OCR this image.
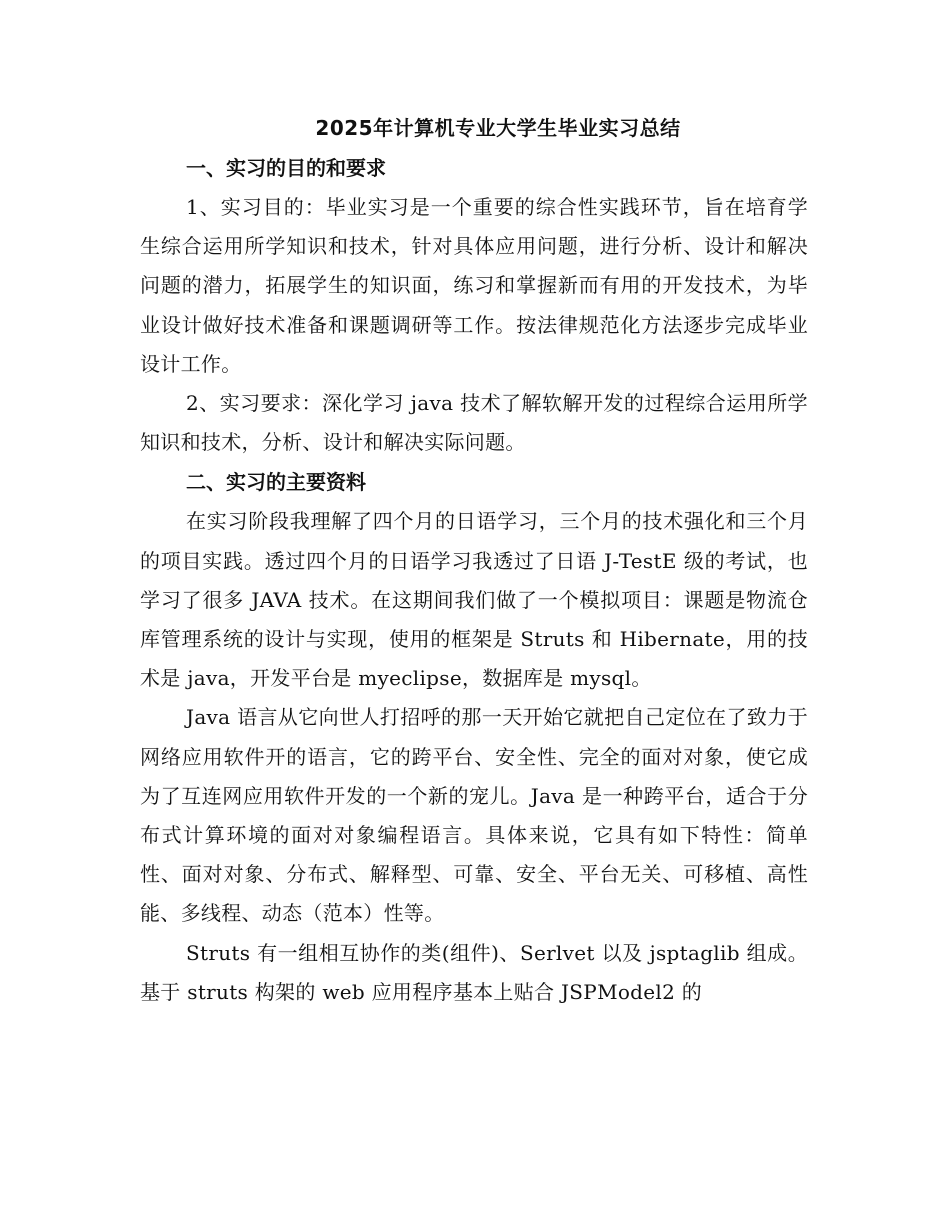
2025年计算机专业大学生毕业实习总结
一、实习的目的和要求

1、实习目的：毕业实习是一个重要的综合性实践环节，旨在培育学生综合运用所学知识和技术，针对具体应用问题，进行分析、设计和解决问题的潜力，拓展学生的知识面，练习和掌握新而有用的开发技术，为毕业设计做好技术准备和课题调研等工作。按法律规范化方法逐步完成毕业设计工作。

2、实习要求：深化学习 java 技术了解软解开发的过程综合运用所学知识和技术，分析、设计和解决实际问题。

二、实习的主要资料

在实习阶段我理解了四个月的日语学习，三个月的技术强化和三个月的项目实践。透过四个月的日语学习我透过了日语 J-TestE 级的考试，也学习了很多 JAVA 技术。在这期间我们做了一个模拟项目：课题是物流仓库管理系统的设计与实现，使用的框架是 Struts 和 Hibernate，用的技术是 java，开发平台是 myeclipse，数据库是 mysql。

Java 语言从它向世人打招呼的那一天开始它就把自己定位在了致力于网络应用软件开的语言，它的跨平台、安全性、完全的面对对象，使它成为了互连网应用软件开发的一个新的宠儿。Java 是一种跨平台，适合于分布式计算环境的面对对象编程语言。具体来说，它具有如下特性：简单性、面对对象、分布式、解释型、可靠、安全、平台无关、可移植、高性能、多线程、动态（范本）性等。

Struts 有一组相互协作的类(组件)、Serlvet 以及 jsptaglib 组成。基于 struts 构架的 web 应用程序基本上贴合 JSPModel2 的
